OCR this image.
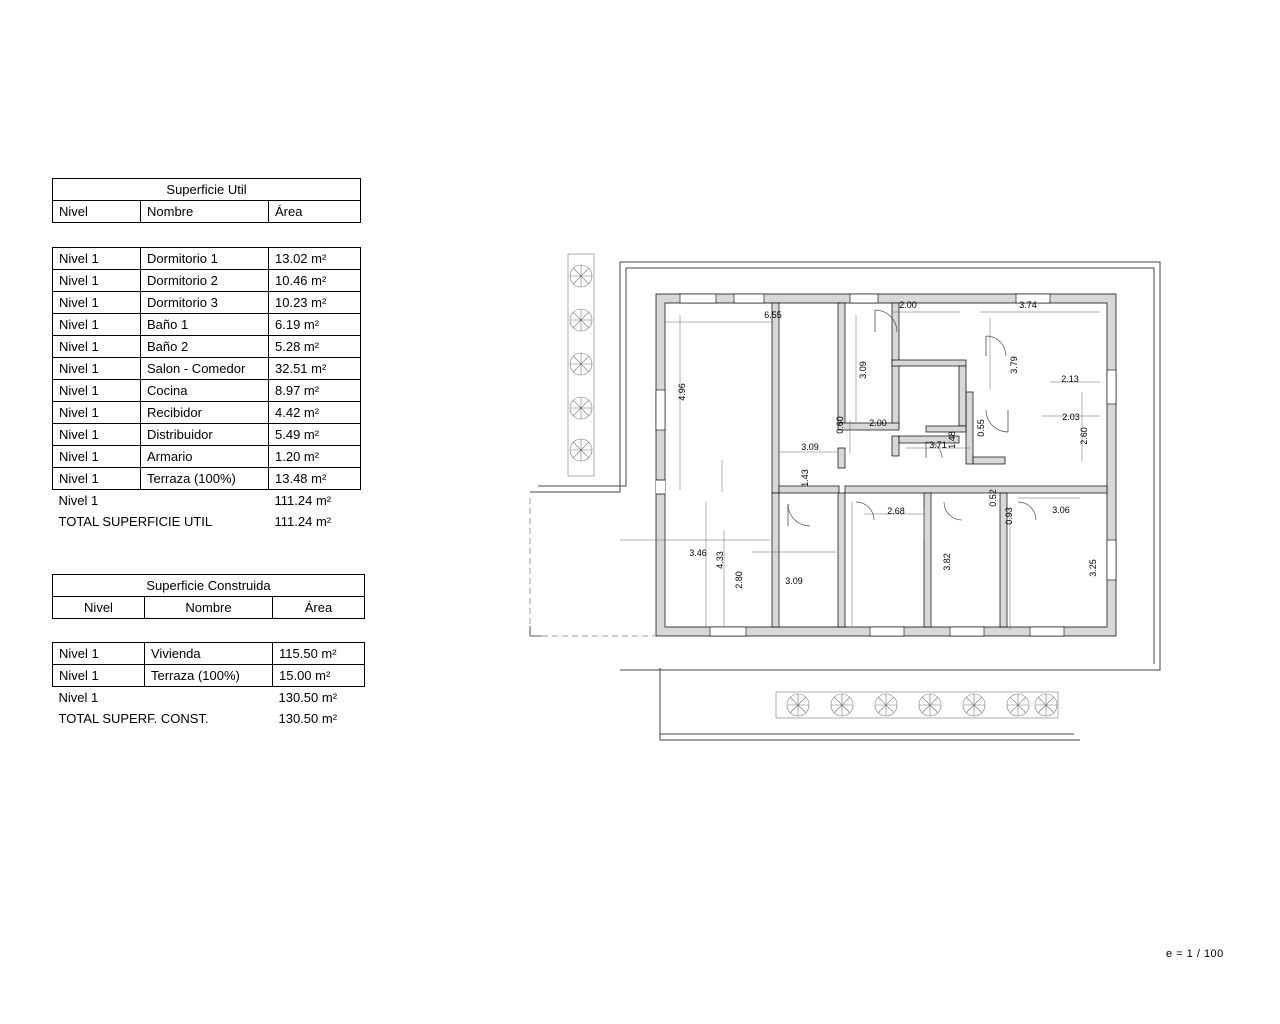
Superficie Util
Nivel	Nombre	Área
Nivel 1	Dormitorio 1	13.02 m²
Nivel 1	Dormitorio 2	10.46 m²
Nivel 1	Dormitorio 3	10.23 m²
Nivel 1	Baño 1	6.19 m²
Nivel 1	Baño 2	5.28 m²
Nivel 1	Salon - Comedor	32.51 m²
Nivel 1	Cocina	8.97 m²
Nivel 1	Recibidor	4.42 m²
Nivel 1	Distribuidor	5.49 m²
Nivel 1	Armario	1.20 m²
Nivel 1	Terraza (100%)	13.48 m²
Nivel 1		111.24 m²
TOTAL SUPERFICIE UTIL		111.24 m²
Superficie Construida
Nivel	Nombre	Área
Nivel 1	Vivienda	115.50 m²
Nivel 1	Terraza (100%)	15.00 m²
Nivel 1		130.50 m²
TOTAL SUPERF. CONST.		130.50 m²
6.55
2.00	3.74
3.09	3.79
4.96
2.13
0.60	2.00	0.55
2.03
2.60
1.48
3.09	3.71
1.43
0.52
2.68	0.93	3.06
3.46 4.33	3.82	3.25
2.80	3.09
e = 1 / 100
